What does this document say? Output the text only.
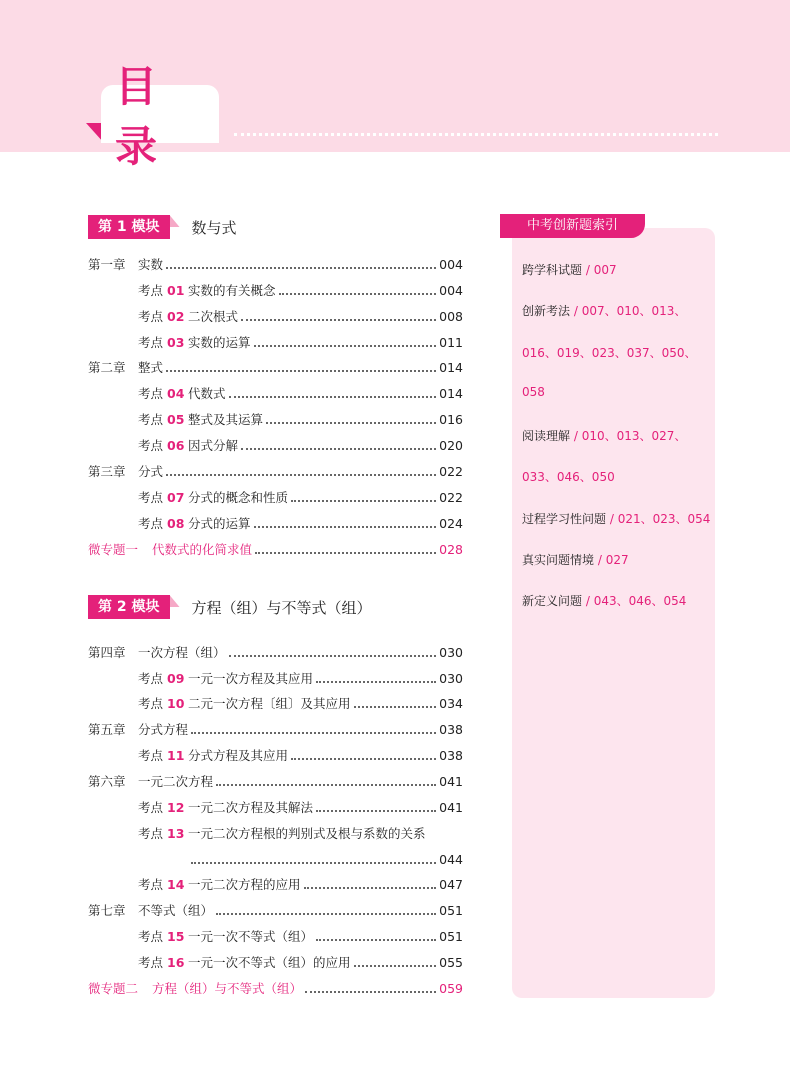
目 录
第 1 模块	数与式
第 2 模块	方程（组）与不等式（组）
第一章 实数	004
考点 01 实数的有关概念	004
考点 02 二次根式	008
考点 03 实数的运算	011
第二章 整式	014
考点 04 代数式	014
考点 05 整式及其运算	016
考点 06 因式分解	020
第三章 分式	022
考点 07 分式的概念和性质	022
考点 08 分式的运算	024
微专题一	代数式的化简求值	028
第四章 一次方程（组）	030
考点 09 一元一次方程及其应用	030
考点 10 二元一次方程〔组〕及其应用	034
第五章 分式方程	038
考点 11 分式方程及其应用	038
第六章 一元二次方程	041
考点 12 一元二次方程及其解法	041
考点 13 一元二次方程根的判别式及根与系数的关系
044
考点 14 一元二次方程的应用	047
第七章 不等式（组）	051
考点 15 一元一次不等式（组）	051
考点 16 一元一次不等式（组）的应用	055
微专题二	方程（组）与不等式（组）	059
中考创新题索引
跨学科试题 / 007
创新考法 / 007、010、013、
016、019、023、037、050、
058
阅读理解 / 010、013、027、
033、046、050
过程学习性问题 / 021、023、054
真实问题情境 / 027
新定义问题 / 043、046、054
